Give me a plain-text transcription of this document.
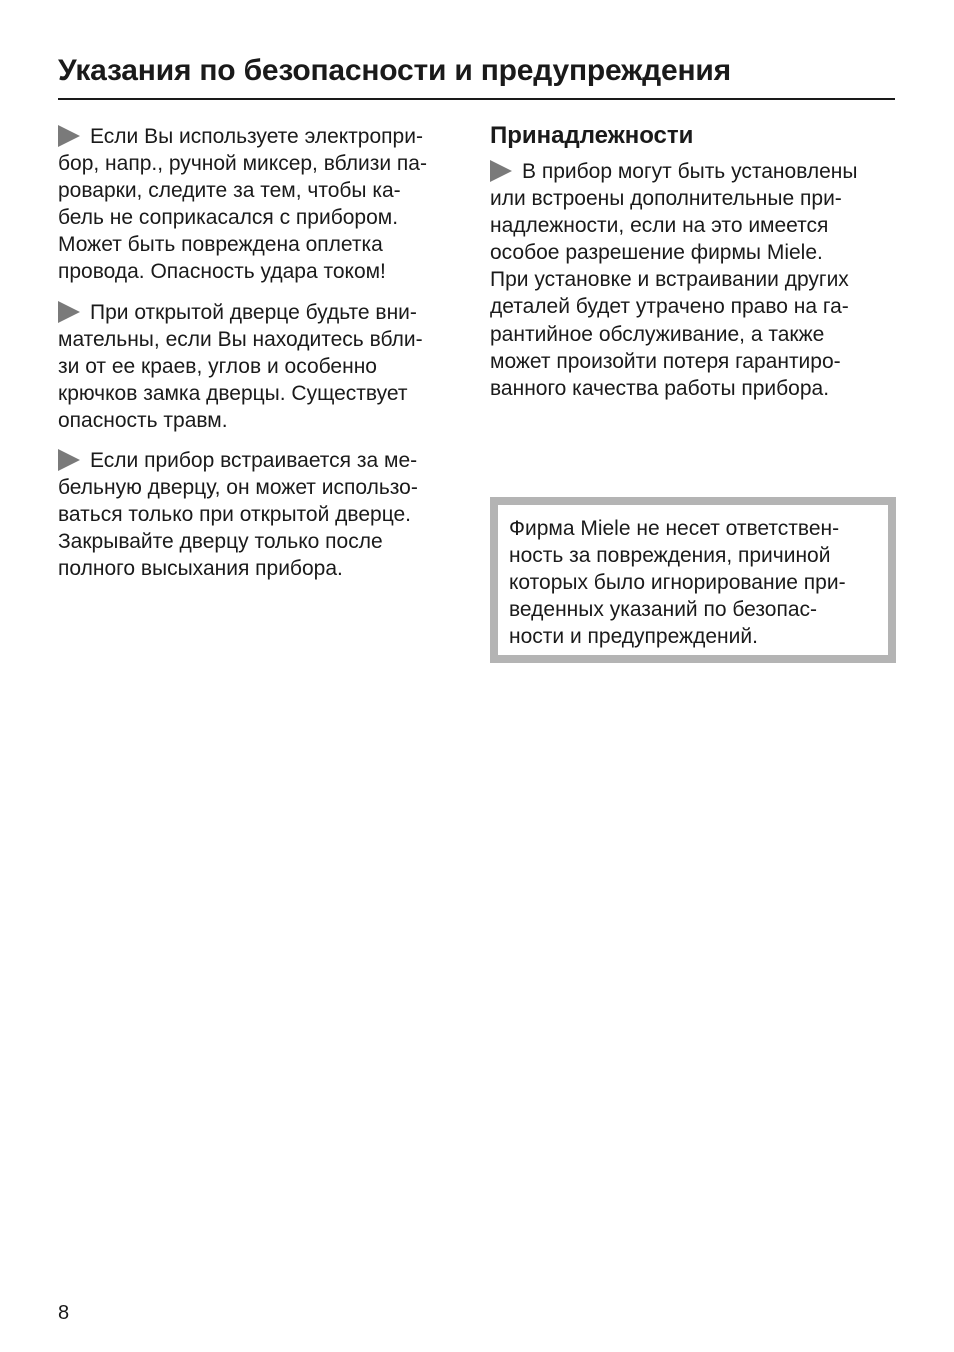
Указания по безопасности и предупреждения

Если Вы используете электропри-
бор, напр., ручной миксер, вблизи па-
роварки, следите за тем, чтобы ка-
бель не соприкасался с прибором.
Может быть повреждена оплетка
провода. Опасность удара током!

При открытой дверце будьте вни-
мательны, если Вы находитесь вбли-
зи от ее краев, углов и особенно
крючков замка дверцы. Существует
опасность травм.

Если прибор встраивается за ме-
бельную дверцу, он может использо-
ваться только при открытой дверце.
Закрывайте дверцу только после
полного высыхания прибора.

Принадлежности

В прибор могут быть установлены
или встроены дополнительные при-
надлежности, если на это имеется
особое разрешение фирмы Miele.
При установке и встраивании других
деталей будет утрачено право на га-
рантийное обслуживание, а также
может произойти потеря гарантиро-
ванного качества работы прибора.

Фирма Miele не несет ответствен-
ность за повреждения, причиной
которых было игнорирование при-
веденных указаний по безопас-
ности и предупреждений.
8
